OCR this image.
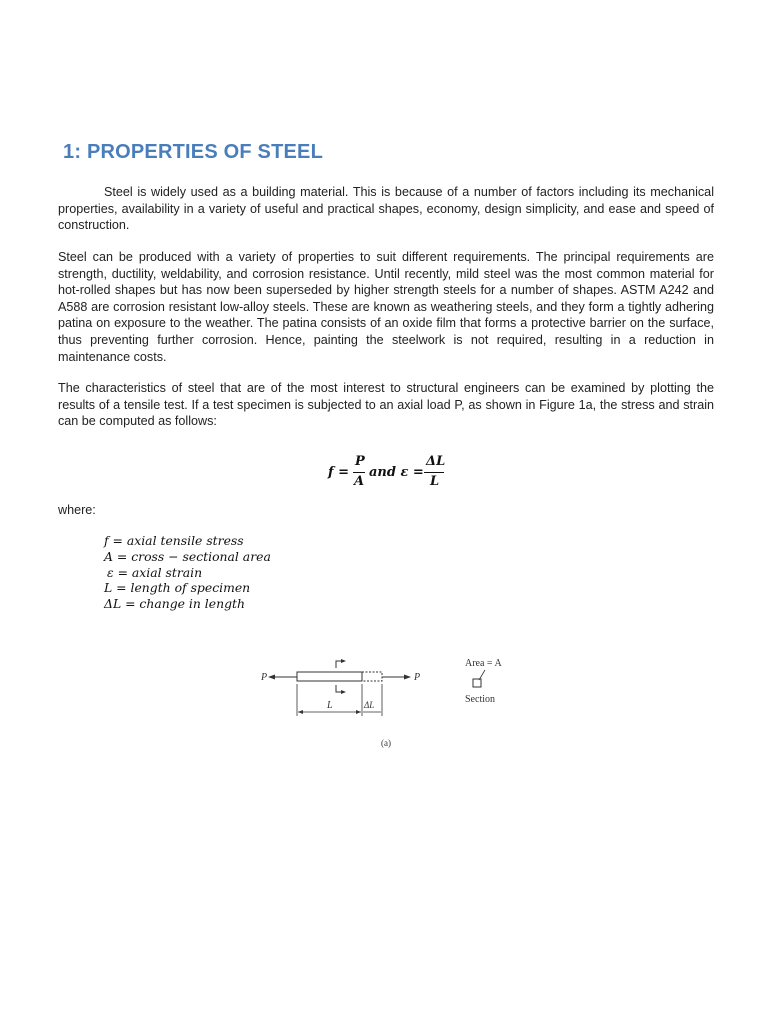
1: PROPERTIES OF STEEL

Steel is widely used as a building material. This is because of a number of factors including its mechanical properties, availability in a variety of useful and practical shapes, economy, design simplicity, and ease and speed of construction.

Steel can be produced with a variety of properties to suit different requirements. The principal requirements are strength, ductility, weldability, and corrosion resistance. Until recently, mild steel was the most common material for hot-rolled shapes but has now been superseded by higher strength steels for a number of shapes. ASTM A242 and A588 are corrosion resistant low-alloy steels. These are known as weathering steels, and they form a tightly adhering patina on exposure to the weather. The patina consists of an oxide film that forms a protective barrier on the surface, thus preventing further corrosion. Hence, painting the steelwork is not required, resulting in a reduction in maintenance costs.

The characteristics of steel that are of the most interest to structural engineers can be examined by plotting the results of a tensile test. If a test specimen is subjected to an axial load P, as shown in Figure 1a, the stress and strain can be computed as follows:

f =
P
A
and ε =
ΔL
L

where:

f = axial tensile stress
A = cross − sectional area
ε = axial strain
L = length of specimen
ΔL = change in length
P	P
L	ΔL
Area = A
Section
(a)
